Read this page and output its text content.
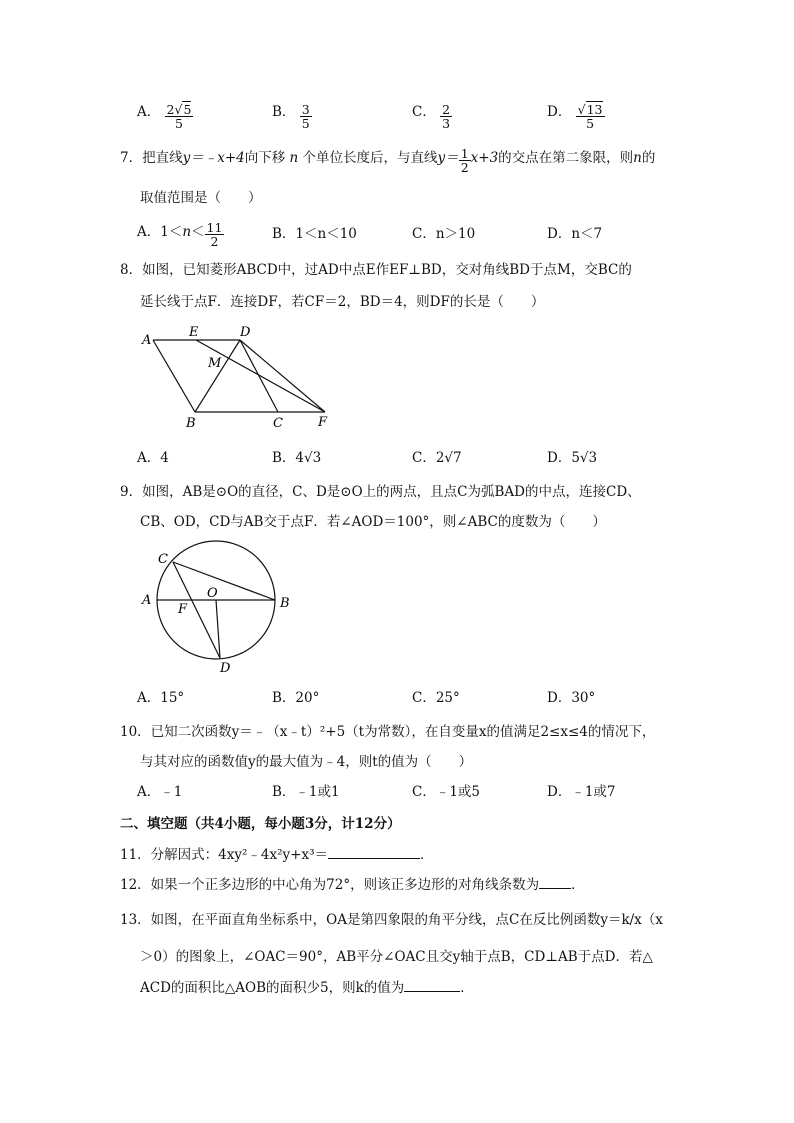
A． $\frac{2√5}{5}$	B． $\frac{3}{5}$	C． $\frac{2}{3}$	D． $\frac{√13}{5}$
7．把直线y＝﹣x+4向下移 n 个单位长度后，与直线$y= \frac{1}{2} x+3$的交点在第二象限，则n的
取值范围是（　　）
A．$1<n< \frac{11}{2}$	B．1＜n＜10	C．n＞10	D．n＜7
8．如图，已知菱形ABCD中，过AD中点E作EF⊥BD，交对角线BD于点M，交BC的
延长线于点F．连接DF，若CF＝2，BD＝4，则DF的长是（　　）
A
E	D
M
B	C	F
A．4	B．4√3	C．2√7	D．5√3
9．如图，AB是⊙O的直径，C、D是⊙O上的两点，且点C为弧BAD的中点，连接CD、
CB、OD，CD与AB交于点F．若∠AOD＝100°，则∠ABC的度数为（　　）
C
A
F
O
B
D
A．15°	B．20°	C．25°	D．30°
10．已知二次函数y＝﹣（x﹣t）²+5（t为常数），在自变量x的值满足2≤x≤4的情况下，
与其对应的函数值y的最大值为﹣4，则t的值为（　　）
A．﹣1	B．﹣1或1	C．﹣1或5	D．﹣1或7
二、填空题（共4小题，每小题3分，计12分）
11．分解因式：4xy²﹣4x²y+x³＝	．
12．如果一个正多边形的中心角为72°，则该正多边形的对角线条数为 ．
13．如图，在平面直角坐标系中，OA是第四象限的角平分线，点C在反比例函数y＝k/x（x
＞0）的图象上，∠OAC＝90°，AB平分∠OAC且交y轴于点B，CD⊥AB于点D．若△
ACD的面积比△AOB的面积少5，则k的值为	．
